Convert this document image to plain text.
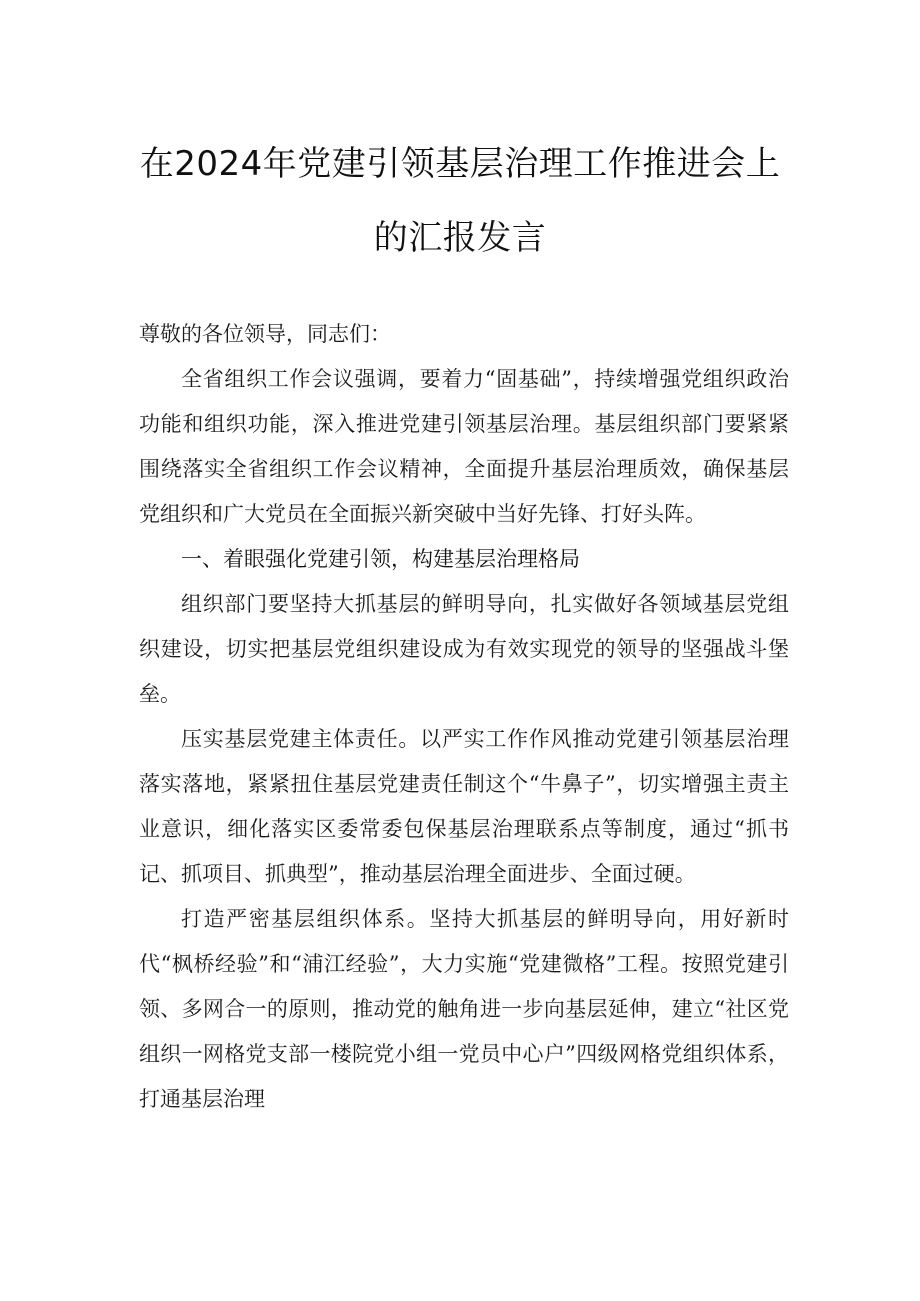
在2024年党建引领基层治理工作推进会上
的汇报发言

尊敬的各位领导，同志们：

全省组织工作会议强调，要着力“固基础”，持续增强党组织政治功能和组织功能，深入推进党建引领基层治理。基层组织部门要紧紧围绕落实全省组织工作会议精神，全面提升基层治理质效，确保基层党组织和广大党员在全面振兴新突破中当好先锋、打好头阵。

一、着眼强化党建引领，构建基层治理格局

组织部门要坚持大抓基层的鲜明导向，扎实做好各领域基层党组织建设，切实把基层党组织建设成为有效实现党的领导的坚强战斗堡垒。

压实基层党建主体责任。以严实工作作风推动党建引领基层治理落实落地，紧紧扭住基层党建责任制这个“牛鼻子”，切实增强主责主业意识，细化落实区委常委包保基层治理联系点等制度，通过“抓书记、抓项目、抓典型”，推动基层治理全面进步、全面过硬。

打造严密基层组织体系。坚持大抓基层的鲜明导向，用好新时代“枫桥经验”和“浦江经验”，大力实施“党建微格”工程。按照党建引领、多网合一的原则，推动党的触角进一步向基层延伸，建立“社区党组织一网格党支部一楼院党小组一党员中心户”四级网格党组织体系，打通基层治理
